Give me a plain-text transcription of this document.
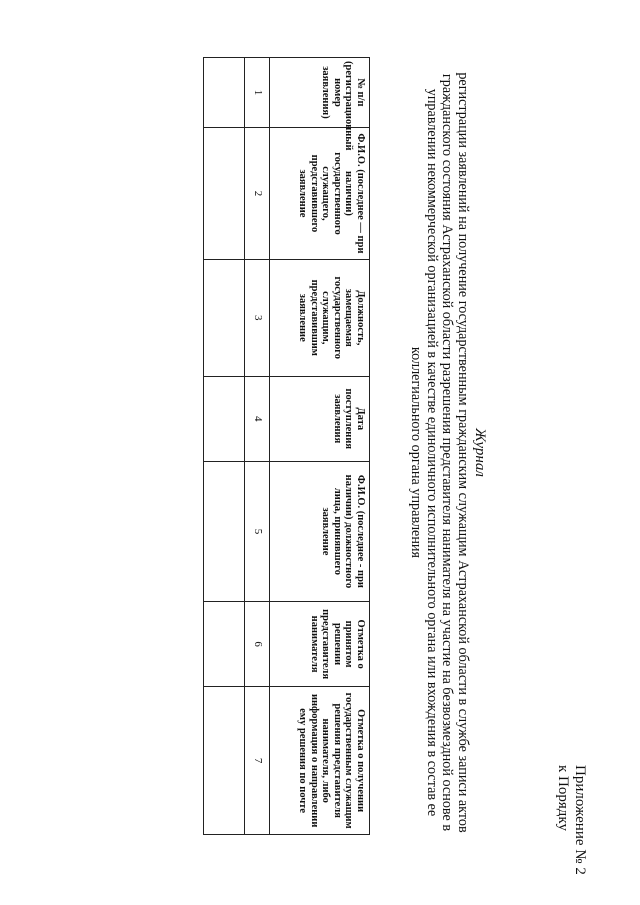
Приложение № 2
к Порядку
Журнал
регистрации заявлений на получение государственным гражданским служащим Астраханской области в службе записи актов гражданского состояния Астраханской области разрешения представителя нанимателя на участие на безвозмездной основе в управлении некоммерческой организацией в качестве единоличного исполнительного органа или вхождения в состав ее коллегиального органа управления
№ п/п (регистрационный номер заявления)	Ф.И.О. (последнее — при наличии) государственного служащего, представившего заявление	Должность, замещаемая государственного служащим, представившим заявление	Дата поступления заявления	Ф.И.О. (последнее - при наличии) должностного лица, принявшего заявление	Отметка о принятом решении представителя нанимателя	Отметка о получении государственным служащим решения представителя нанимателя, либо информация о направлении ему решения по почте
1	2	3	4	5	6	7
